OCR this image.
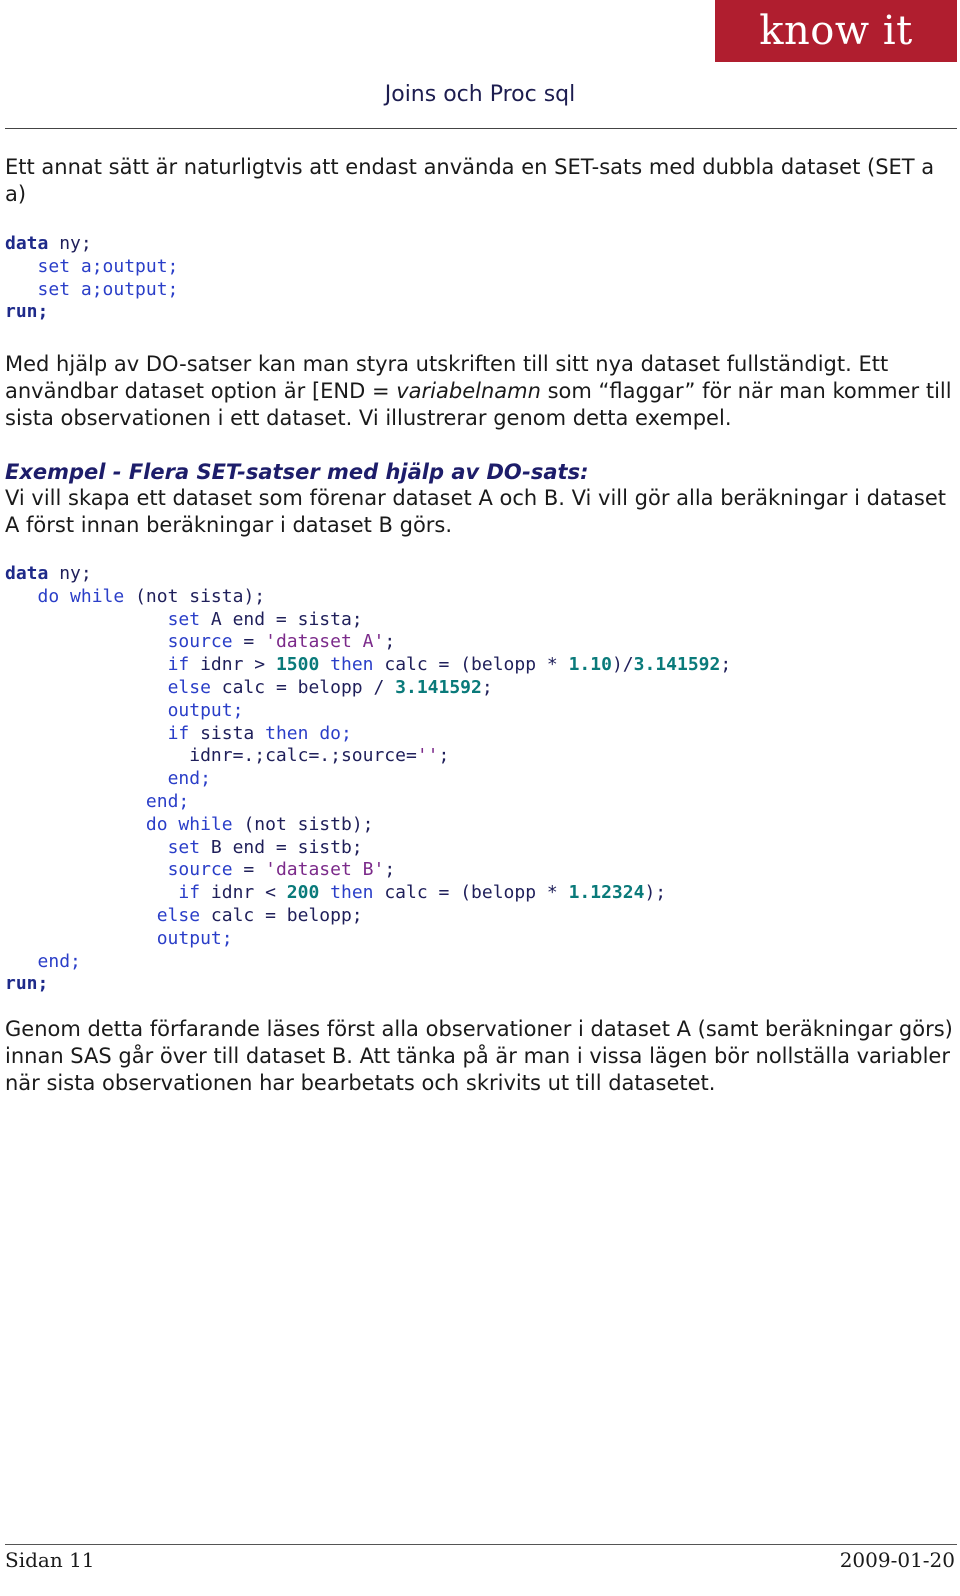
know it
Joins och Proc sql

Ett annat sätt är naturligtvis att endast använda en SET-sats med dubbla dataset (SET a a)

data ny;
set a;output;
set a;output;
run;

Med hjälp av DO-satser kan man styra utskriften till sitt nya dataset fullständigt. Ett användbar dataset option är [END = variabelnamn som “flaggar” för när man kommer till sista observationen i ett dataset. Vi illustrerar genom detta exempel.

Exempel - Flera SET-satser med hjälp av DO-sats:

Vi vill skapa ett dataset som förenar dataset A och B. Vi vill gör alla beräkningar i dataset A först innan beräkningar i dataset B görs.

data ny;
do while (not sista);
set A end = sista;
source = 'dataset A';
if idnr > 1500 then calc = (belopp * 1.10)/3.141592;
else calc = belopp / 3.141592;
output;
if sista then do;
idnr=.;calc=.;source='';
end;
end;
do while (not sistb);
set B end = sistb;
source = 'dataset B';
if idnr < 200 then calc = (belopp * 1.12324);
else calc = belopp;
output;
end;
run;

Genom detta förfarande läses först alla observationer i dataset A (samt beräkningar görs) innan SAS går över till dataset B. Att tänka på är man i vissa lägen bör nollställa variabler när sista observationen har bearbetats och skrivits ut till datasetet.

Sidan 11	2009-01-20
